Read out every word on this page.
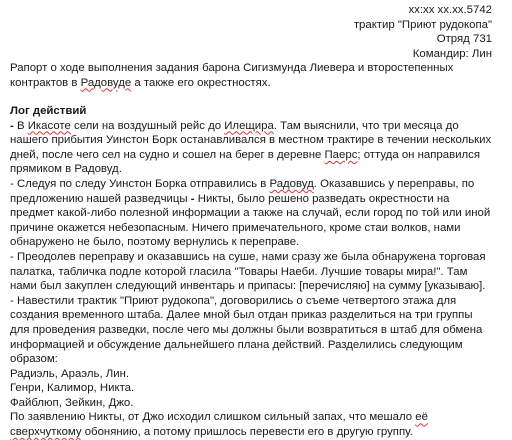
xx:xx xx.xx.5742
трактир "Приют рудокопа"
Отряд 731
Командир: Лин
Рапорт о ходе выполнения задания барона Сигизмунда Лиевера и второстепенных
контрактов в Радовуде а также его окрестностях.
Лог действий
- В Икасоте сели на воздушный рейс до Илещира. Там выяснили, что три месяца до
нашего прибытия Уинстон Борк останавливался в местном трактире в течении нескольких
дней, после чего сел на судно и сошел на берег в деревне Паерс; оттуда он направился
прямиком в Радовуд.
- Следуя по следу Уинстон Борка отправились в Радовуд. Оказавшись у переправы, по
предложению нашей разведчицы - Никты, было решено разведать окрестности на
предмет какой-либо полезной информации а также на случай, если город по той или иной
причине окажется небезопасным. Ничего примечательного, кроме стаи волков, нами
обнаружено не было, поэтому вернулись к переправе.
- Преодолев переправу и оказавшись на суше, нами сразу же была обнаружена торговая
палатка, табличка подле которой гласила "Товары Наеби. Лучшие товары мира!". Там
нами был закуплен следующий инвентарь и припасы: [перечисляю] на сумму [указываю].
- Навестили трактик "Приют рудокопа", договорились о съеме четвертого этажа для
создания временного штаба. Далее мной был отдан приказ разделиться на три группы
для проведения разведки, после чего мы должны были возвратиться в штаб для обмена
информацией и обсуждение дальнейшего плана действий. Разделились следующим
образом:
Радиэль, Араэль, Лин.
Генри, Калимор, Никта.
Файблюп, Зейкин, Джо.
По заявлению Никты, от Джо исходил слишком сильный запах, что мешало её
сверхчуткому обонянию, а потому пришлось перевести его в другую группу.
